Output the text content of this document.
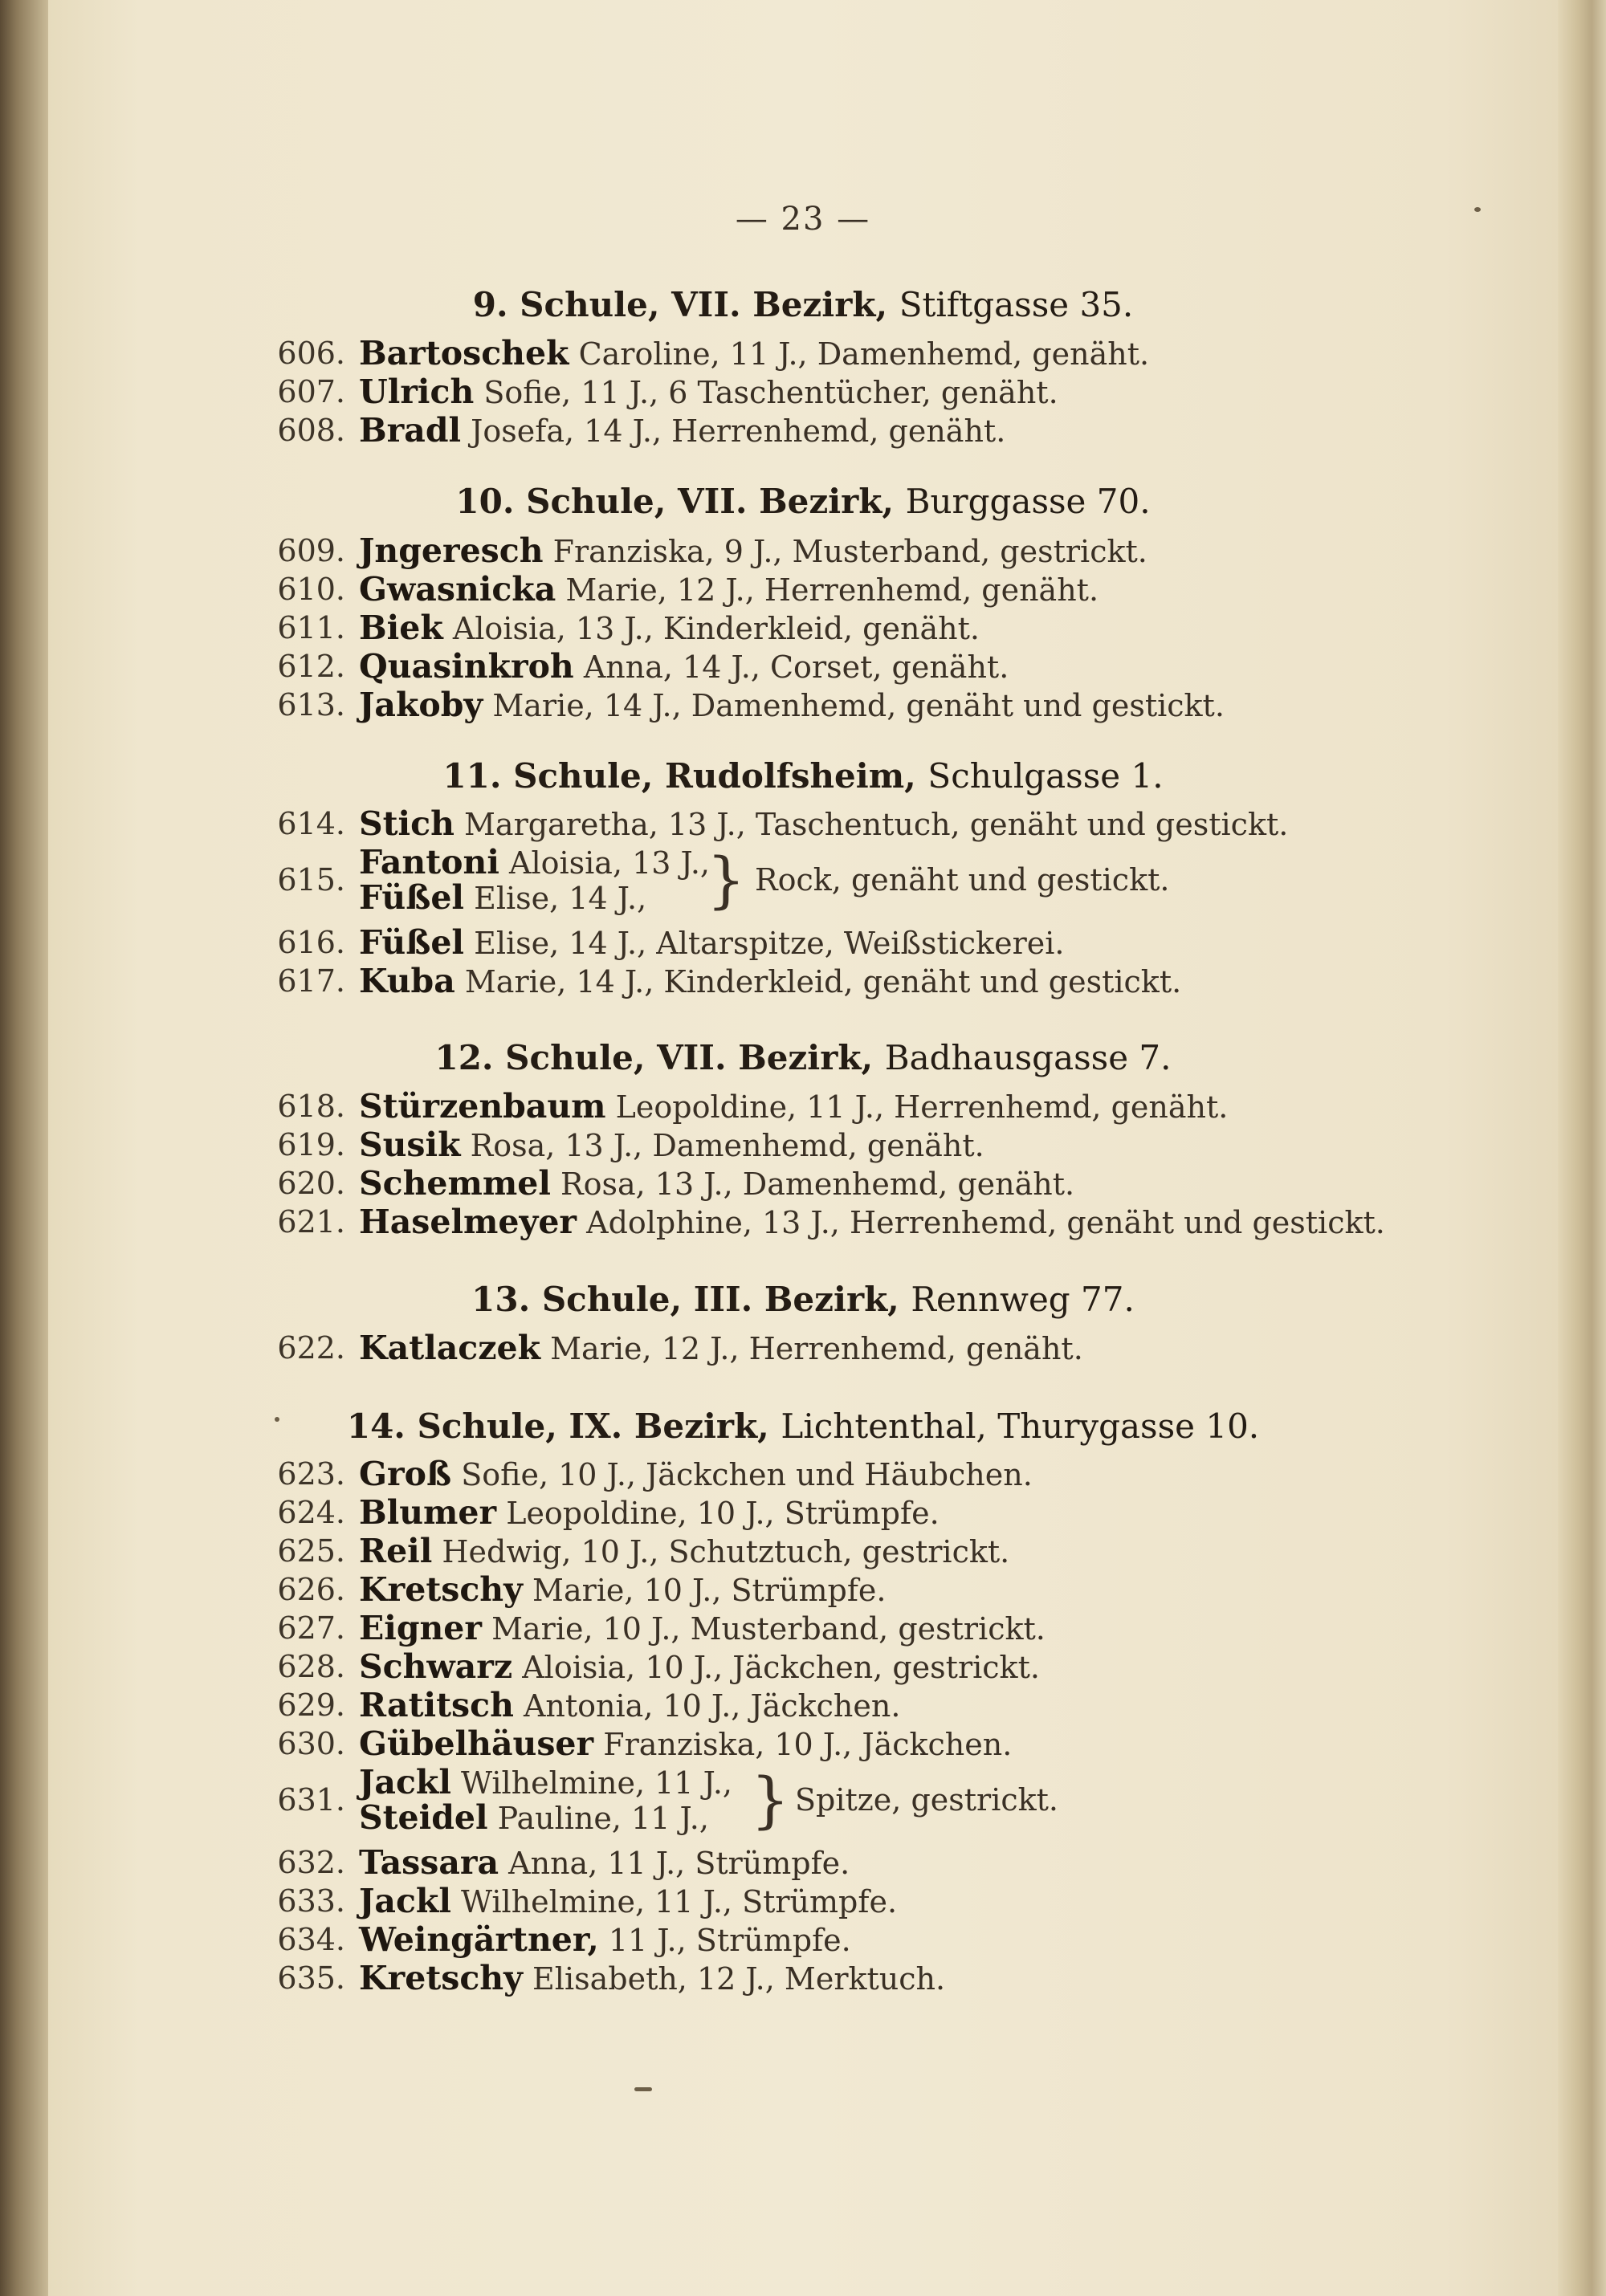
— 23 —
9. Schule, VII. Bezirk, Stiftgasse 35.
606. Bartoschek Caroline, 11 J., Damenhemd, genäht.
607. Ulrich Sofie, 11 J., 6 Taschentücher, genäht.
608. Bradl Josefa, 14 J., Herrenhemd, genäht.
10. Schule, VII. Bezirk, Burggasse 70.
609. Jngeresch Franziska, 9 J., Musterband, gestrickt.
610. Gwasnicka Marie, 12 J., Herrenhemd, genäht.
611. Biek Aloisia, 13 J., Kinderkleid, genäht.
612. Quasinkroh Anna, 14 J., Corset, genäht.
613. Jakoby Marie, 14 J., Damenhemd, genäht und gestickt.
11. Schule, Rudolfsheim, Schulgasse 1.
614. Stich Margaretha, 13 J., Taschentuch, genäht und gestickt.
615. Fantoni Aloisia, 13 J.,
Füßel Elise, 14 J., } Rock, genäht und gestickt.
616. Füßel Elise, 14 J., Altarspitze, Weißstickerei.
617. Kuba Marie, 14 J., Kinderkleid, genäht und gestickt.
12. Schule, VII. Bezirk, Badhausgasse 7.
618. Stürzenbaum Leopoldine, 11 J., Herrenhemd, genäht.
619. Susik Rosa, 13 J., Damenhemd, genäht.
620. Schemmel Rosa, 13 J., Damenhemd, genäht.
621. Haselmeyer Adolphine, 13 J., Herrenhemd, genäht und gestickt.
13. Schule, III. Bezirk, Rennweg 77.
622. Katlaczek Marie, 12 J., Herrenhemd, genäht.
14. Schule, IX. Bezirk, Lichtenthal, Thurygasse 10.
623. Groß Sofie, 10 J., Jäckchen und Häubchen.
624. Blumer Leopoldine, 10 J., Strümpfe.
625. Reil Hedwig, 10 J., Schutztuch, gestrickt.
626. Kretschy Marie, 10 J., Strümpfe.
627. Eigner Marie, 10 J., Musterband, gestrickt.
628. Schwarz Aloisia, 10 J., Jäckchen, gestrickt.
629. Ratitsch Antonia, 10 J., Jäckchen.
630. Gübelhäuser Franziska, 10 J., Jäckchen.
631. Jackl Wilhelmine, 11 J.,
Steidel Pauline, 11 J., } Spitze, gestrickt.
632. Tassara Anna, 11 J., Strümpfe.
633. Jackl Wilhelmine, 11 J., Strümpfe.
634. Weingärtner, 11 J., Strümpfe.
635. Kretschy Elisabeth, 12 J., Merktuch.
